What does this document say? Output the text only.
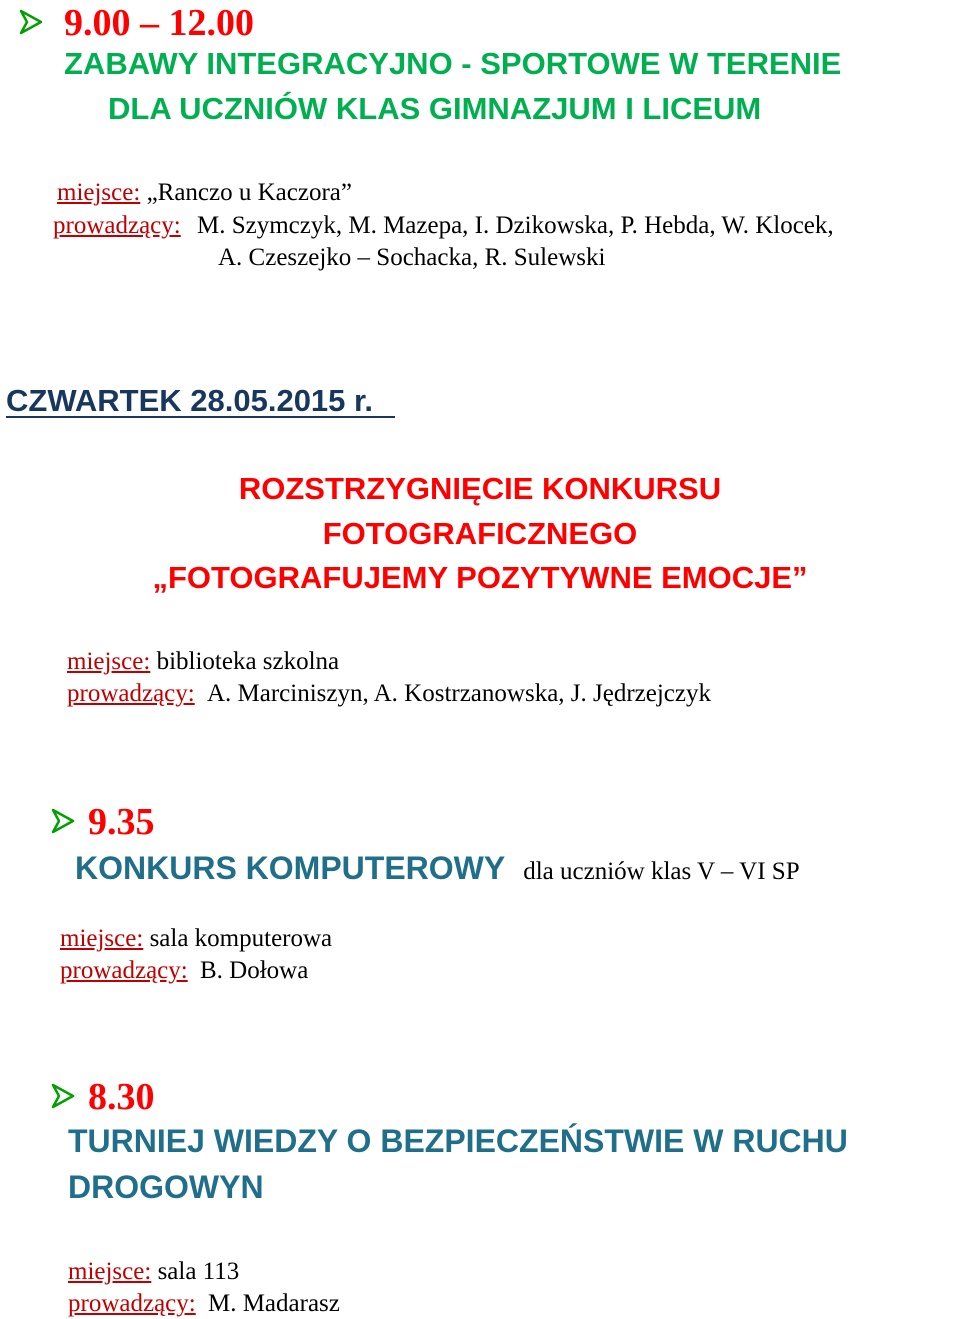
9.00 – 12.00
ZABAWY INTEGRACYJNO - SPORTOWE W TERENIE
DLA UCZNIÓW KLAS GIMNAZJUM I LICEUM
miejsce: „Ranczo u Kaczora”
prowadzący: M. Szymczyk, M. Mazepa, I. Dzikowska, P. Hebda, W. Klocek,
A. Czeszejko – Sochacka, R. Sulewski
CZWARTEK 28.05.2015 r.
ROZSTRZYGNIĘCIE KONKURSU
FOTOGRAFICZNEGO
„FOTOGRAFUJEMY POZYTYWNE EMOCJE”
miejsce: biblioteka szkolna
prowadzący: A. Marciniszyn, A. Kostrzanowska, J. Jędrzejczyk
9.35
KONKURS KOMPUTEROWY dla uczniów klas V – VI SP
miejsce: sala komputerowa
prowadzący: B. Dołowa
8.30
TURNIEJ WIEDZY O BEZPIECZEŃSTWIE W RUCHU
DROGOWYN
miejsce: sala 113
prowadzący: M. Madarasz
